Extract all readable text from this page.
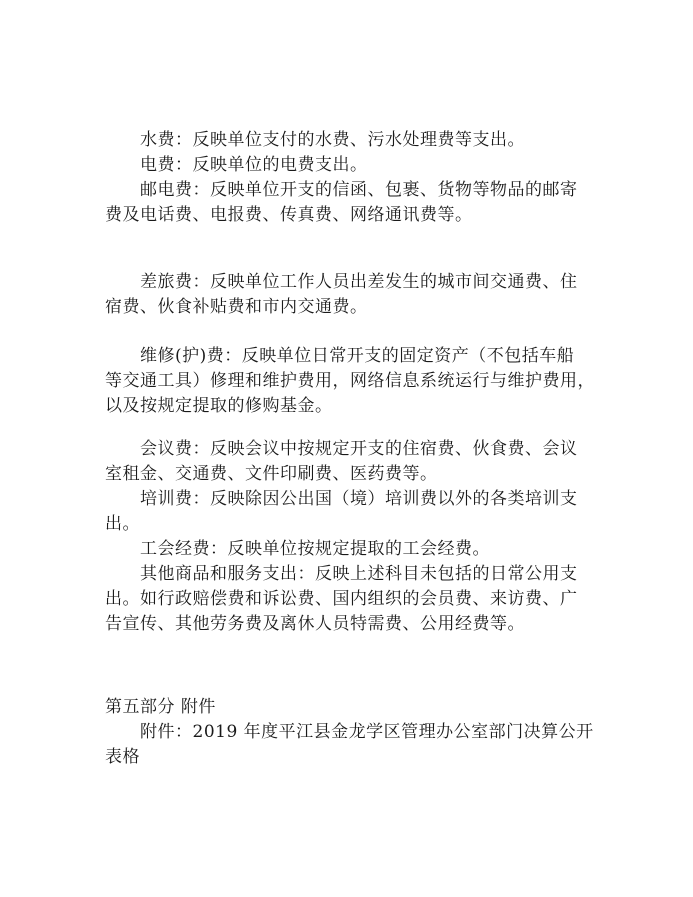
水费：反映单位支付的水费、污水处理费等支出。
电费：反映单位的电费支出。
邮电费：反映单位开支的信函、包裹、货物等物品的邮寄
费及电话费、电报费、传真费、网络通讯费等。
差旅费：反映单位工作人员出差发生的城市间交通费、住
宿费、伙食补贴费和市内交通费。
维修(护)费：反映单位日常开支的固定资产（不包括车船
等交通工具）修理和维护费用，网络信息系统运行与维护费用，
以及按规定提取的修购基金。
会议费：反映会议中按规定开支的住宿费、伙食费、会议
室租金、交通费、文件印刷费、医药费等。
培训费：反映除因公出国（境）培训费以外的各类培训支
出。
工会经费：反映单位按规定提取的工会经费。
其他商品和服务支出：反映上述科目未包括的日常公用支
出。如行政赔偿费和诉讼费、国内组织的会员费、来访费、广
告宣传、其他劳务费及离休人员特需费、公用经费等。
第五部分 附件
附件：2019 年度平江县金龙学区管理办公室部门决算公开
表格
